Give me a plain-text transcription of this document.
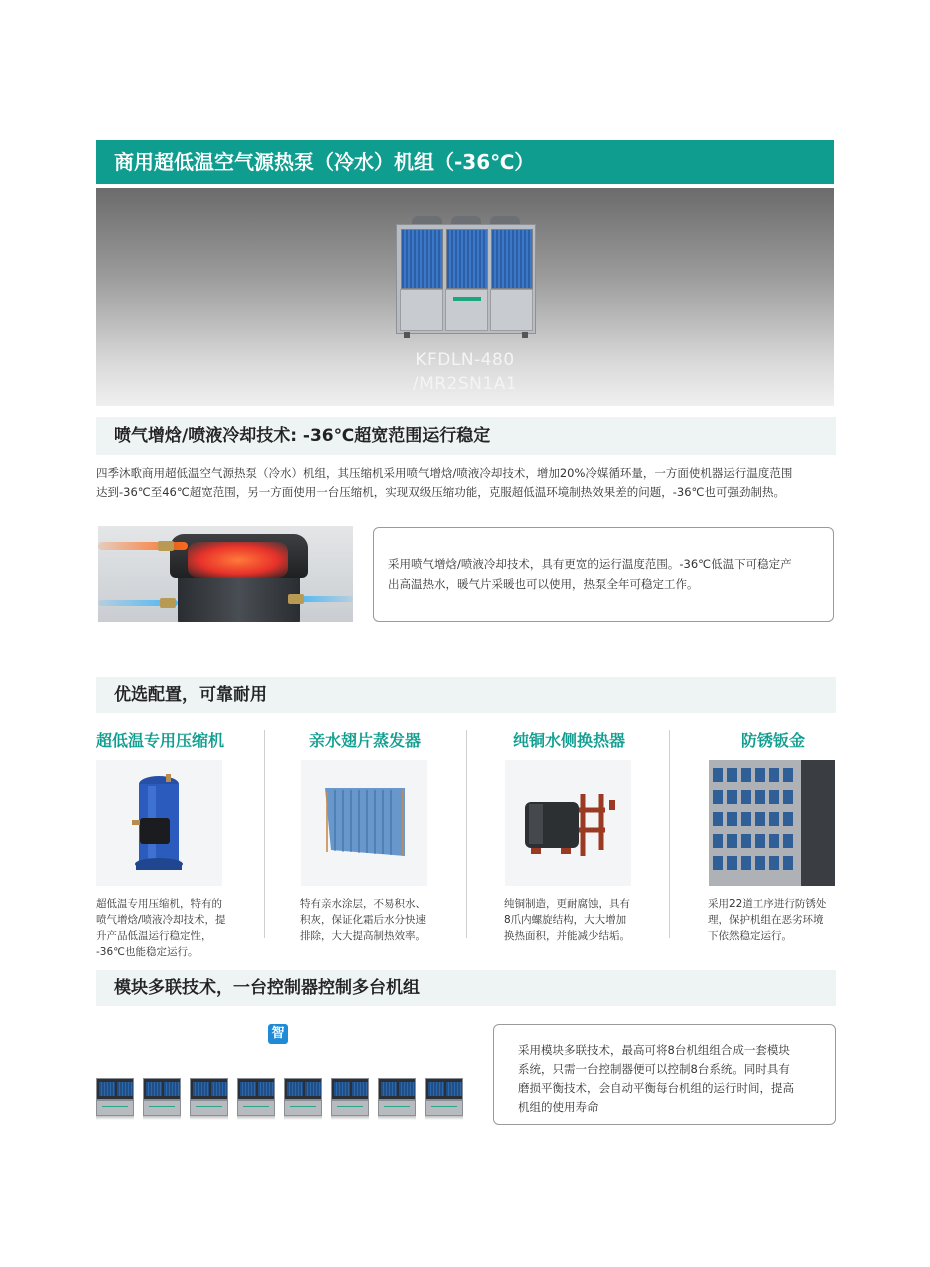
商用超低温空气源热泵（冷水）机组（-36℃）
KFDLN-480
/MR2SN1A1
喷气增焓/喷液冷却技术: -36℃超宽范围运行稳定
四季沐歌商用超低温空气源热泵（冷水）机组，其压缩机采用喷气增焓/喷液冷却技术，增加20%冷媒循环量，一方面使机器运行温度范围
达到-36℃至46℃超宽范围，另一方面使用一台压缩机，实现双级压缩功能，克服超低温环境制热效果差的问题，-36℃也可强劲制热。
采用喷气增焓/喷液冷却技术，具有更宽的运行温度范围。-36℃低温下可稳定产
出高温热水，暖气片采暖也可以使用，热泵全年可稳定工作。
优选配置，可靠耐用
超低温专用压缩机
超低温专用压缩机，特有的
喷气增焓/喷液冷却技术，提
升产品低温运行稳定性，
-36℃也能稳定运行。
亲水翅片蒸发器
特有亲水涂层，不易积水、
积灰，保证化霜后水分快速
排除，大大提高制热效率。
纯铜水侧换热器
纯铜制造，更耐腐蚀，具有
8爪内螺旋结构，大大增加
换热面积，并能减少结垢。
防锈钣金
采用22道工序进行防锈处
理，保护机组在恶劣环境
下依然稳定运行。
模块多联技术，一台控制器控制多台机组
智
采用模块多联技术，最高可将8台机组组合成一套模块
系统，只需一台控制器便可以控制8台系统。同时具有
磨损平衡技术，会自动平衡每台机组的运行时间，提高
机组的使用寿命
